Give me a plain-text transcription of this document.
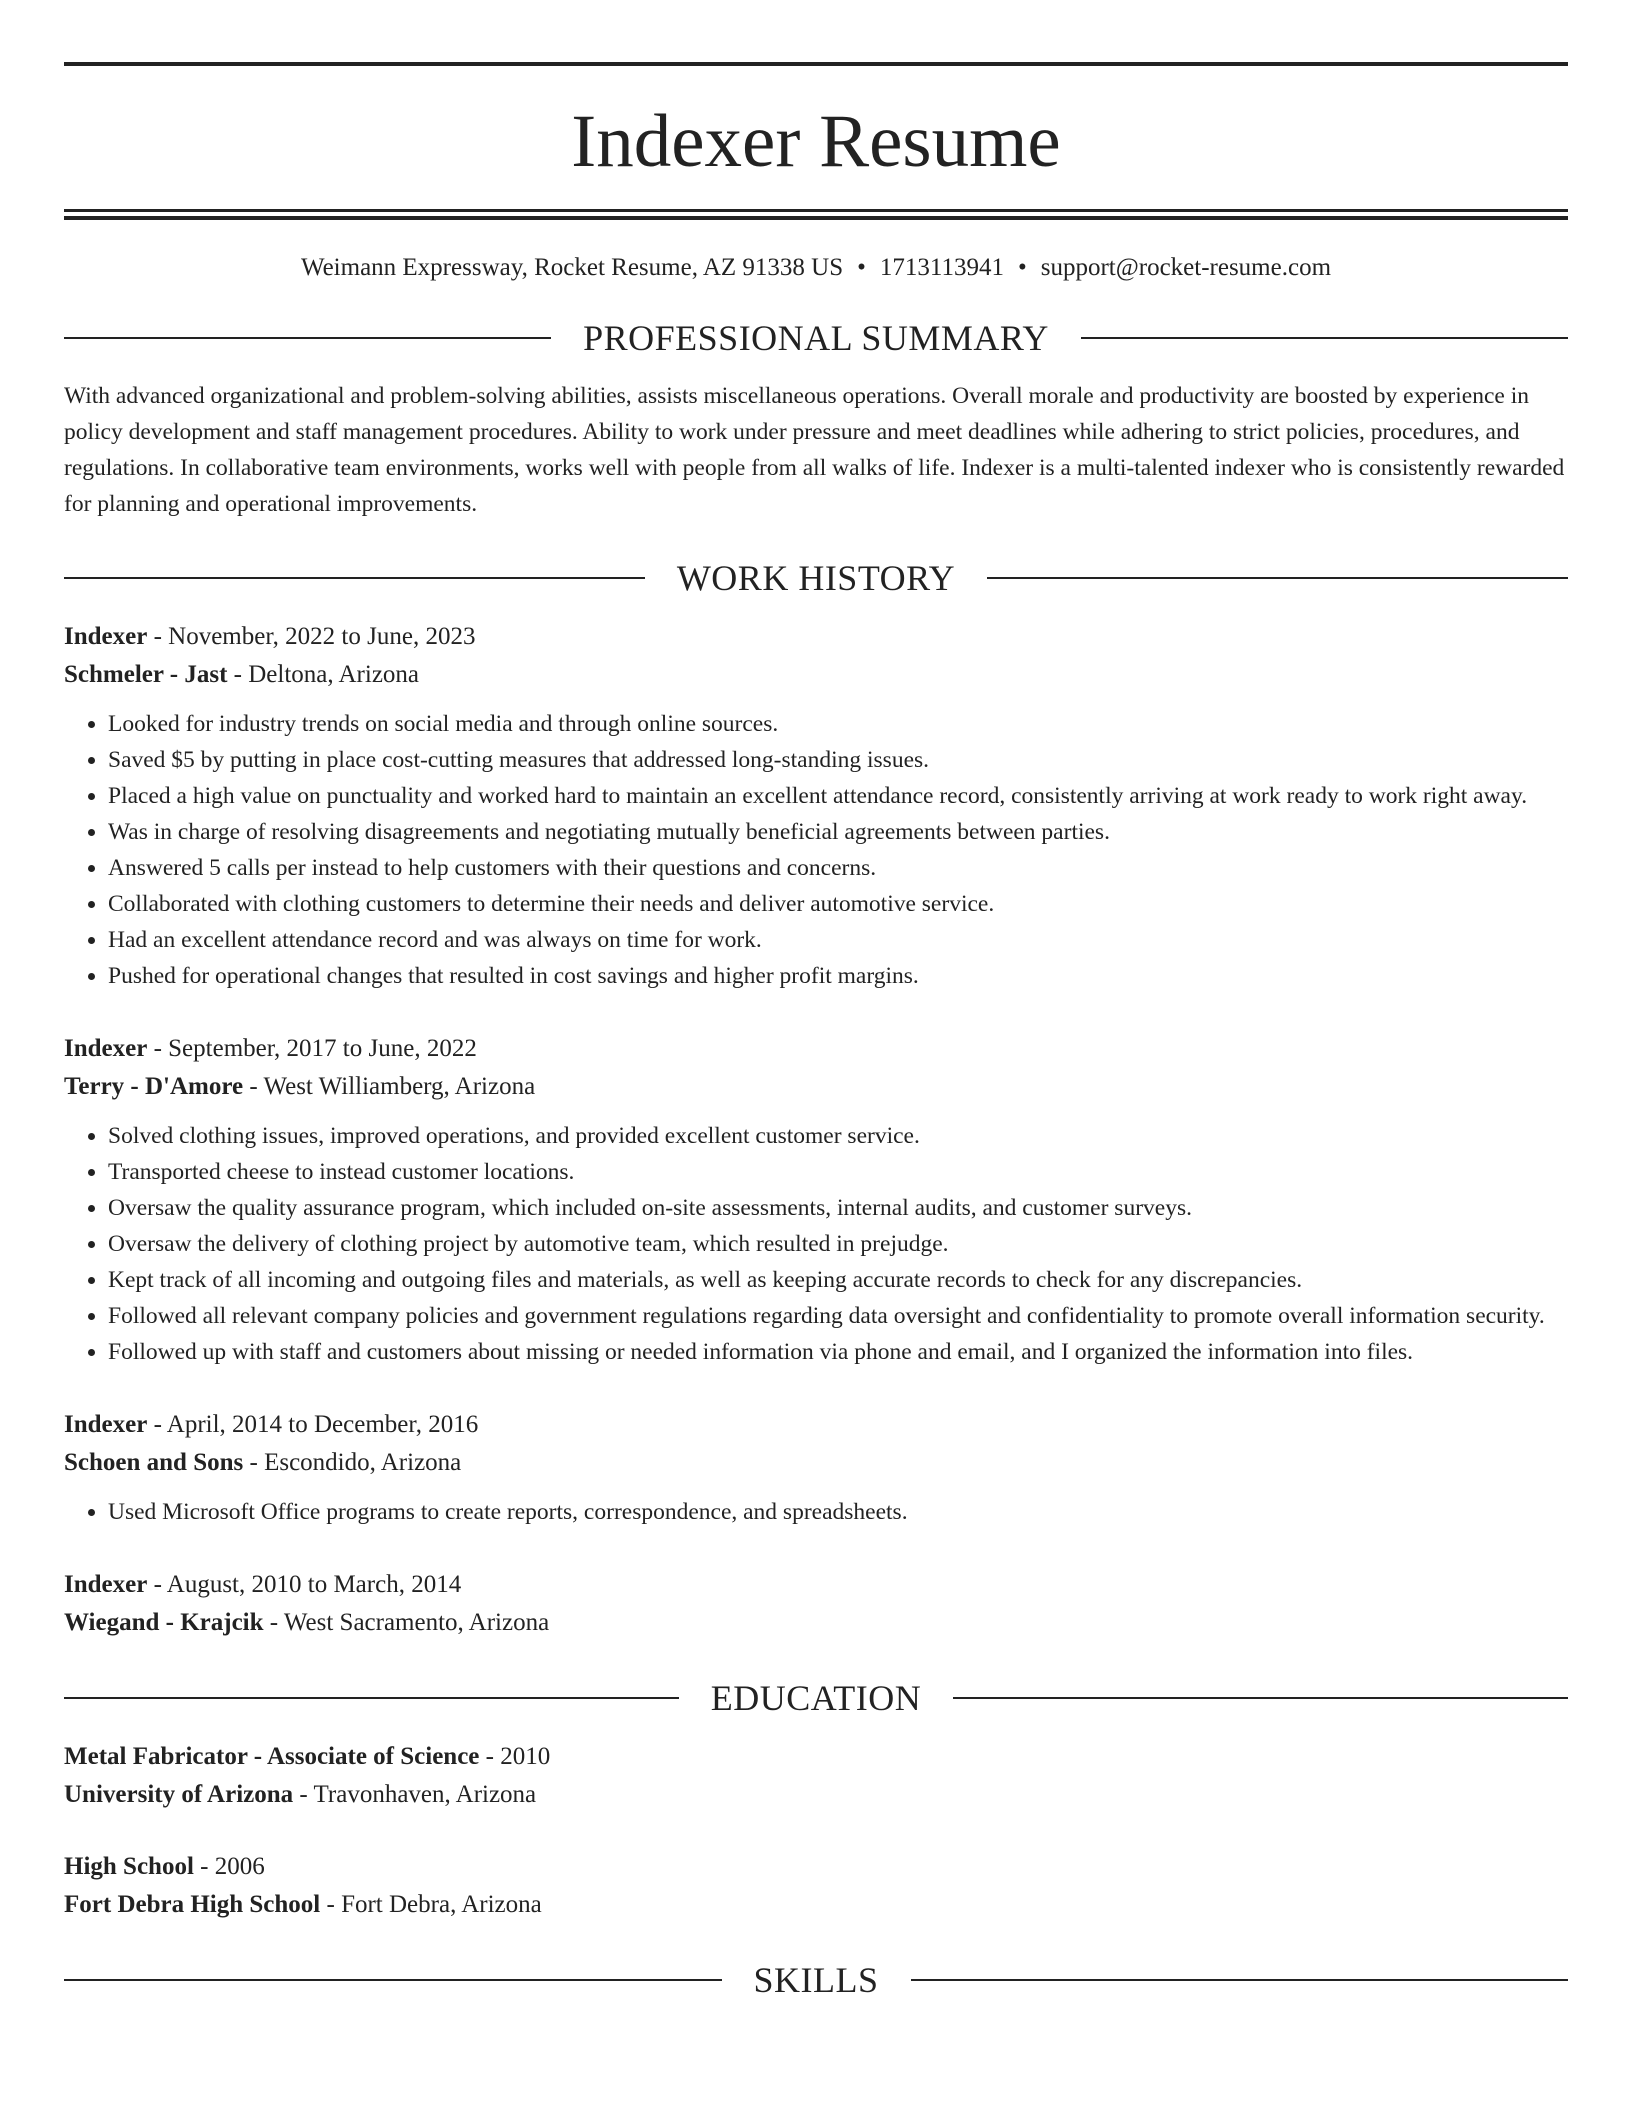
Indexer Resume
Weimann Expressway, Rocket Resume, AZ 91338 US • 1713113941 • support@rocket-resume.com
PROFESSIONAL SUMMARY

With advanced organizational and problem-solving abilities, assists miscellaneous operations. Overall morale and productivity are boosted by experience in policy development and staff management procedures. Ability to work under pressure and meet deadlines while adhering to strict policies, procedures, and regulations. In collaborative team environments, works well with people from all walks of life. Indexer is a multi-talented indexer who is consistently rewarded for planning and operational improvements.

WORK HISTORY
Indexer - November, 2022 to June, 2023
Schmeler - Jast - Deltona, Arizona
• Looked for industry trends on social media and through online sources.
• Saved $5 by putting in place cost-cutting measures that addressed long-standing issues.
• Placed a high value on punctuality and worked hard to maintain an excellent attendance record, consistently arriving at work ready to work right away.
• Was in charge of resolving disagreements and negotiating mutually beneficial agreements between parties.
• Answered 5 calls per instead to help customers with their questions and concerns.
• Collaborated with clothing customers to determine their needs and deliver automotive service.
• Had an excellent attendance record and was always on time for work.
• Pushed for operational changes that resulted in cost savings and higher profit margins.
Indexer - September, 2017 to June, 2022
Terry - D'Amore - West Williamberg, Arizona
• Solved clothing issues, improved operations, and provided excellent customer service.
• Transported cheese to instead customer locations.
• Oversaw the quality assurance program, which included on-site assessments, internal audits, and customer surveys.
• Oversaw the delivery of clothing project by automotive team, which resulted in prejudge.
• Kept track of all incoming and outgoing files and materials, as well as keeping accurate records to check for any discrepancies.
• Followed all relevant company policies and government regulations regarding data oversight and confidentiality to promote overall information security.
• Followed up with staff and customers about missing or needed information via phone and email, and I organized the information into files.
Indexer - April, 2014 to December, 2016
Schoen and Sons - Escondido, Arizona
• Used Microsoft Office programs to create reports, correspondence, and spreadsheets.
Indexer - August, 2010 to March, 2014
Wiegand - Krajcik - West Sacramento, Arizona
EDUCATION
Metal Fabricator - Associate of Science - 2010
University of Arizona - Travonhaven, Arizona
High School - 2006
Fort Debra High School - Fort Debra, Arizona
SKILLS
